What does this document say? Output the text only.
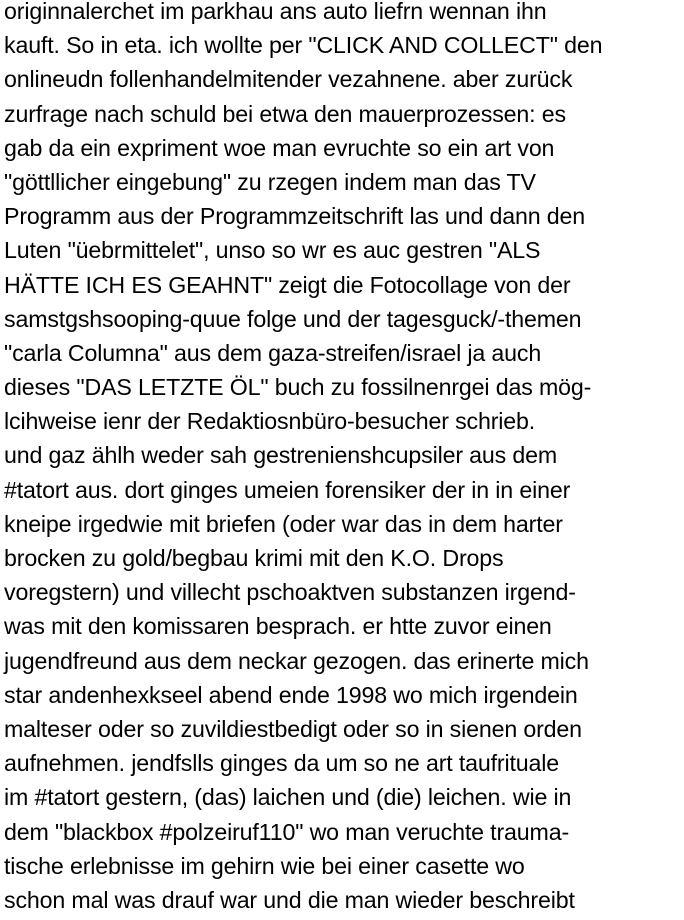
originnalerchet im parkhau ans auto liefrn wennan ihn
kauft. So in eta. ich wollte per "CLICK AND COLLECT" den
onlineudn follenhandelmitender vezahnene. aber zurück
zurfrage nach schuld bei etwa den mauerprozessen: es
gab da ein expriment woe man evruchte so ein art von
"göttllicher eingebung" zu rzegen indem man das TV
Programm aus der Programmzeitschrift las und dann den
Luten "üebrmittelet", unso so wr es auc gestren "ALS
HÄTTE ICH ES GEAHNT" zeigt die Fotocollage von der
samstgshsooping-quue folge und der tagesguck/-themen
"carla Columna" aus dem gaza-streifen/israel ja auch
dieses "DAS LETZTE ÖL" buch zu fossilnenrgei das mög-
lcihweise ienr der Redaktiosnbüro-besucher schrieb.
und gaz ählh weder sah gestrenienshcupsiler aus dem
#tatort aus. dort ginges umeien forensiker der in in einer
kneipe irgedwie mit briefen (oder war das in dem harter
brocken zu gold/begbau krimi mit den K.O. Drops
voregstern) und villecht pschoaktven substanzen irgend-
was mit den komissaren besprach. er htte zuvor einen
jugendfreund aus dem neckar gezogen. das erinerte mich
star andenhexkseel abend ende 1998 wo mich irgendein
malteser oder so zuvildiestbedigt oder so in sienen orden
aufnehmen. jendfslls ginges da um so ne art taufrituale
im #tatort gestern, (das) laichen und (die) leichen. wie in
dem "blackbox #polzeiruf110" wo man veruchte trauma-
tische erlebnisse im gehirn wie bei einer casette wo
schon mal was drauf war und die man wieder beschreibt
